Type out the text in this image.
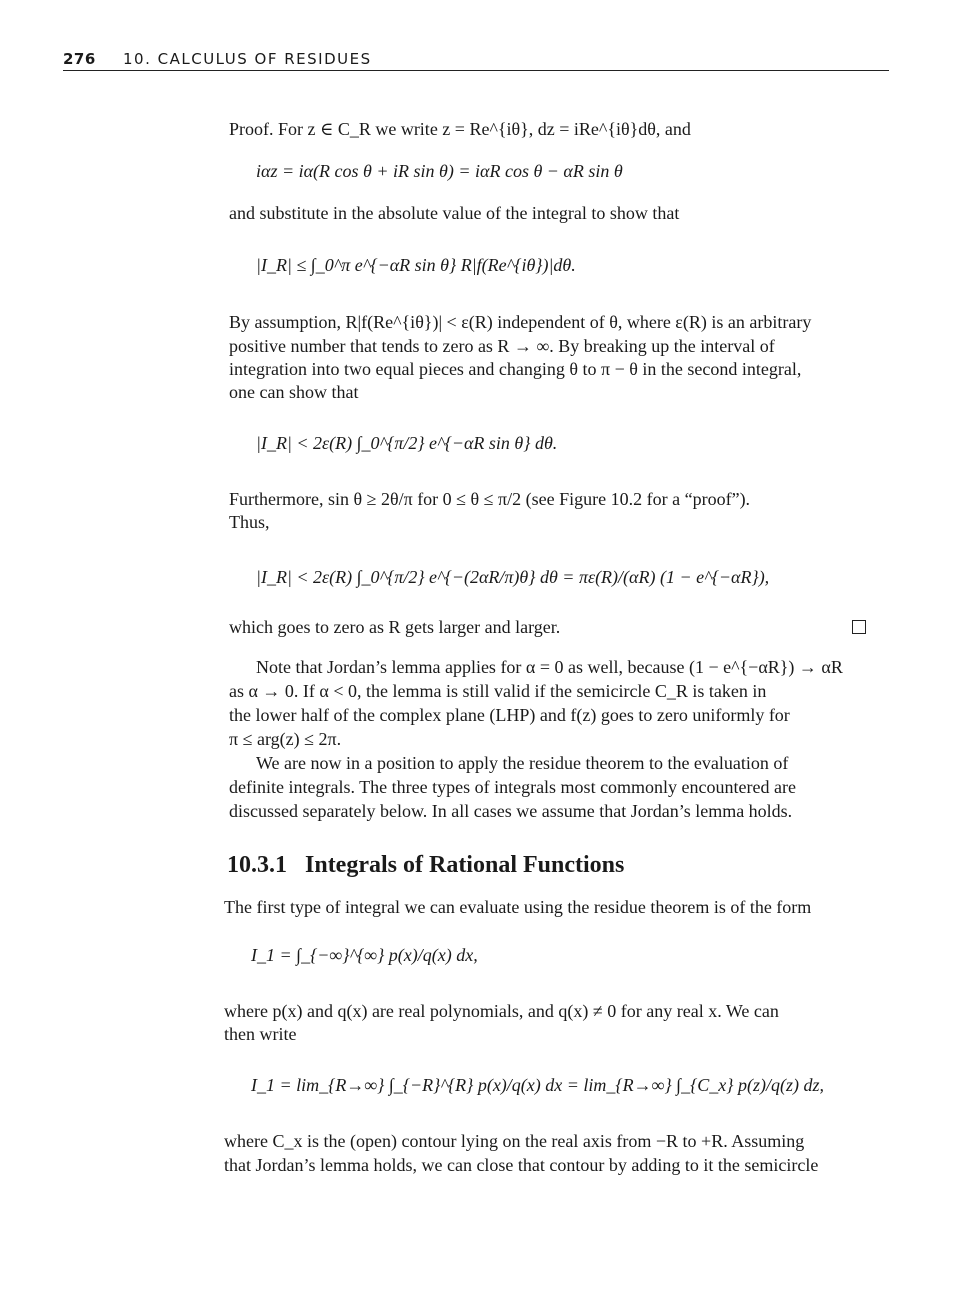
276 10. CALCULUS OF RESIDUES
Proof. For z ∈ C_R we write z = Re^{iθ}, dz = iRe^{iθ}dθ, and
iαz = iα(R cos θ + iR sin θ) = iαR cos θ − αR sin θ
and substitute in the absolute value of the integral to show that
|I_R| ≤ ∫_0^π e^{−αR sin θ} R|f(Re^{iθ})|dθ.
By assumption, R|f(Re^{iθ})| < ε(R) independent of θ, where ε(R) is an arbitrary
positive number that tends to zero as R → ∞. By breaking up the interval of
integration into two equal pieces and changing θ to π − θ in the second integral,
one can show that
|I_R| < 2ε(R) ∫_0^{π/2} e^{−αR sin θ} dθ.
Furthermore, sin θ ≥ 2θ/π for 0 ≤ θ ≤ π/2 (see Figure 10.2 for a “proof”).
Thus,
|I_R| < 2ε(R) ∫_0^{π/2} e^{−(2αR/π)θ} dθ = πε(R)/(αR) (1 − e^{−αR}),
which goes to zero as R gets larger and larger.
Note that Jordan’s lemma applies for α = 0 as well, because (1 − e^{−αR}) → αR
as α → 0. If α < 0, the lemma is still valid if the semicircle C_R is taken in
the lower half of the complex plane (LHP) and f(z) goes to zero uniformly for
π ≤ arg(z) ≤ 2π.
We are now in a position to apply the residue theorem to the evaluation of
definite integrals. The three types of integrals most commonly encountered are
discussed separately below. In all cases we assume that Jordan’s lemma holds.
10.3.1 Integrals of Rational Functions
The first type of integral we can evaluate using the residue theorem is of the form
I_1 = ∫_{−∞}^{∞} p(x)/q(x) dx,
where p(x) and q(x) are real polynomials, and q(x) ≠ 0 for any real x. We can
then write
I_1 = lim_{R→∞} ∫_{−R}^{R} p(x)/q(x) dx = lim_{R→∞} ∫_{C_x} p(z)/q(z) dz,
where C_x is the (open) contour lying on the real axis from −R to +R. Assuming
that Jordan’s lemma holds, we can close that contour by adding to it the semicircle
